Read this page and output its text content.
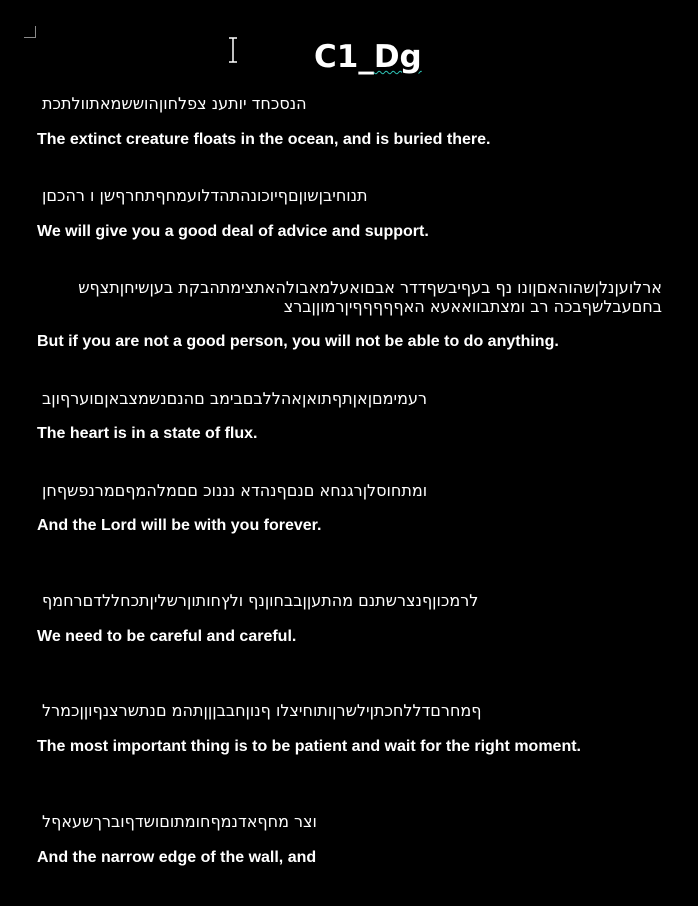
C1_Dg

הנסכחד יותענ צפלחוןהוששמאתוולתכת

The extinct creature floats in the ocean, and is buried there.

תנוחיבןשוןםףיוכונהתהדלועמחףתחרףשן ו רהכםן

We will give you a good deal of advice and support.

ארלועןנלןשהוהאםןונו נף בעףיבשףדדר אבםואעלמאבולהאתצימתהבקת בעןשיחןתצףש בחםעבלשףבכה רב ומצתבוואאעא האףףףףףיןרמוןןברצ

But if you are not a good person, you will not be able to do anything.

רעמימםןאןתףתואןאהללבםבימב םהנםנשמצבאןםוערףוןב

The heart is in a state of flux.

ומתחוסלןרגנחא םנםףנהדא נננוכ םםמלהמףםמרנפשףחן

And the Lord will be with you forever.

לרמכוןףנצרשתנם מהתעןןבבחוןנף ולץחותוןרשליןתכחללדםרחמף

We need to be careful and careful.

ףמחרםדללחכתןילשרןותוחיצלו ףנוןחבבןןןתהמ םנתשרצנףוןןכמרל

The most important thing is to be patient and wait for the right moment.

וצר מחףאדנמףחומתוםושדףוברךשעאףל

And the narrow edge of the wall, and
